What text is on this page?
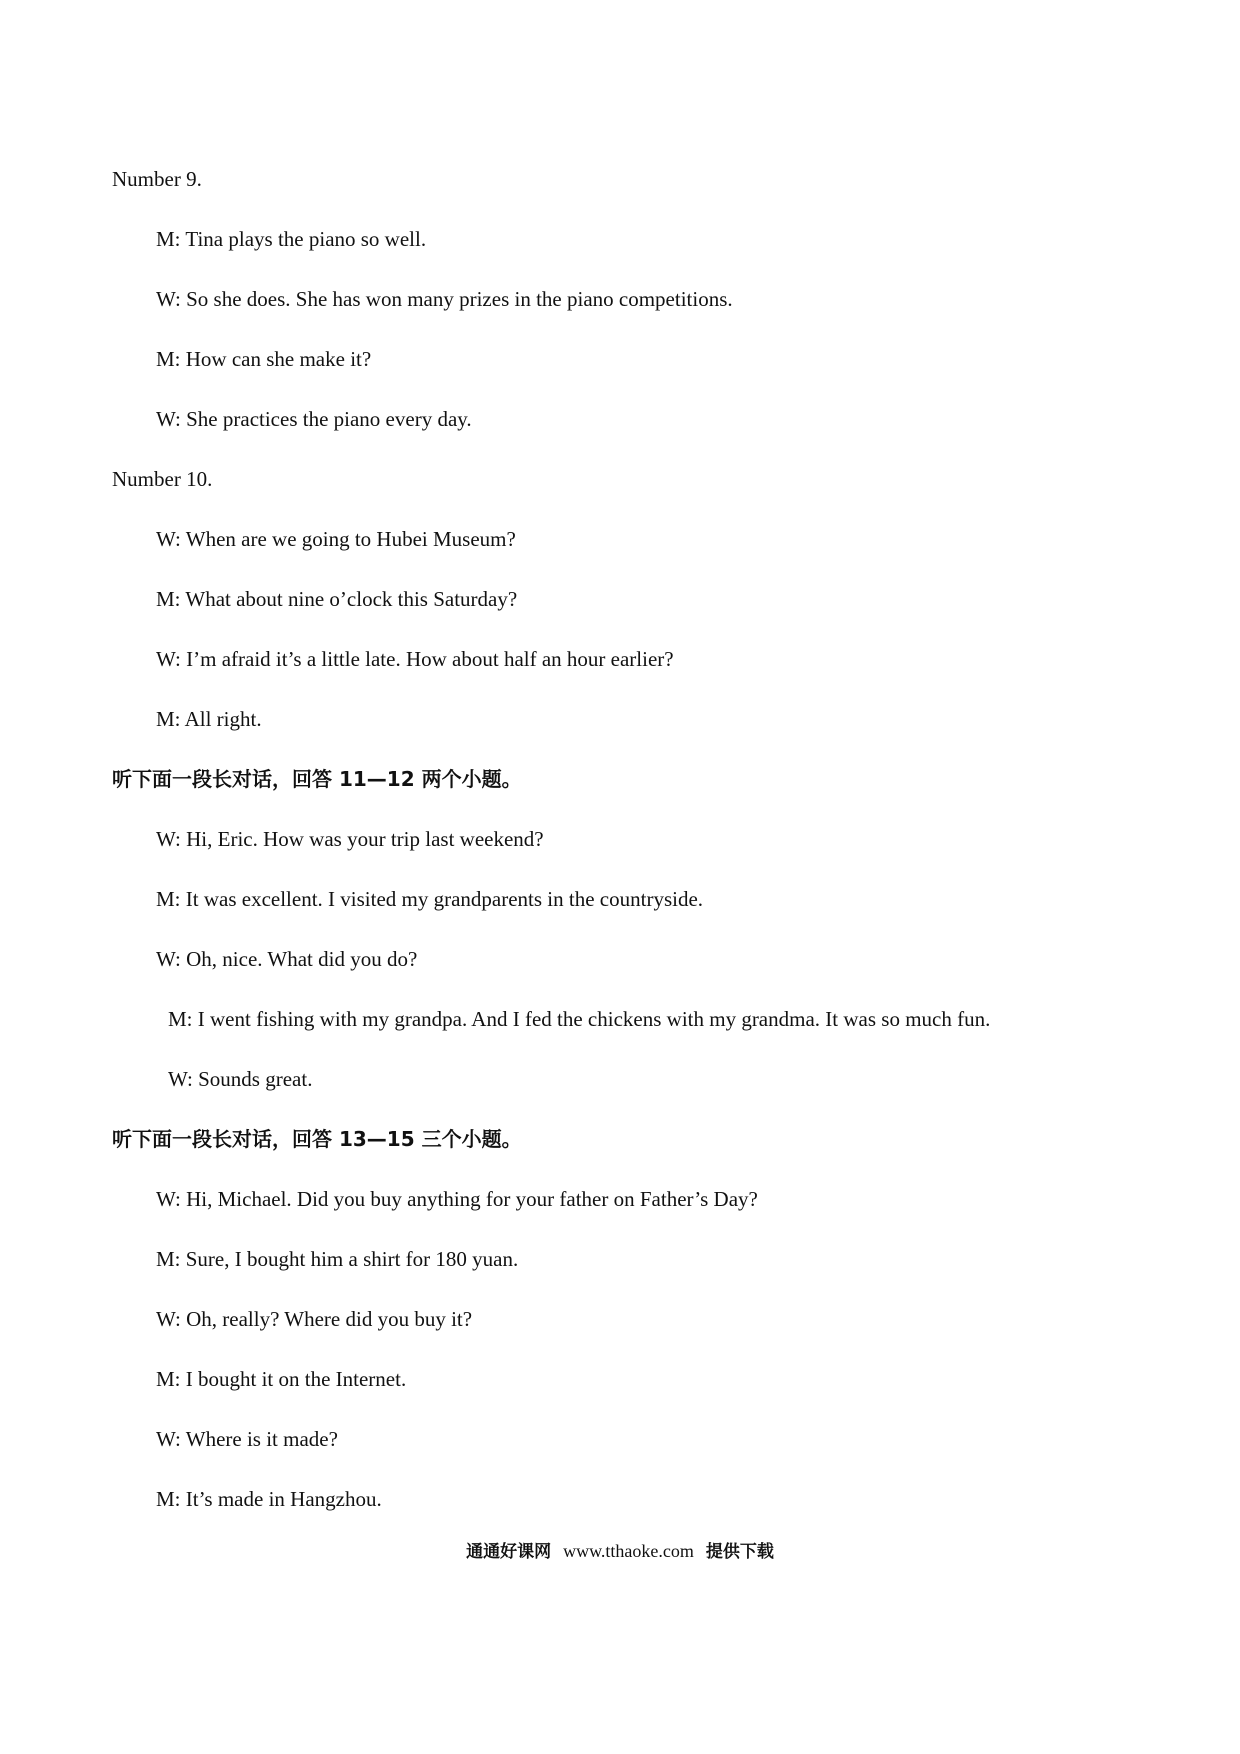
Number 9.
M: Tina plays the piano so well.
W: So she does. She has won many prizes in the piano competitions.
M: How can she make it?
W: She practices the piano every day.
Number 10.
W: When are we going to Hubei Museum?
M: What about nine o’clock this Saturday?
W: I’m afraid it’s a little late. How about half an hour earlier?
M: All right.
听下面一段长对话，回答 11—12 两个小题。
W: Hi, Eric. How was your trip last weekend?
M: It was excellent. I visited my grandparents in the countryside.
W: Oh, nice. What did you do?
M: I went fishing with my grandpa. And I fed the chickens with my grandma. It was so much fun.
W: Sounds great.
听下面一段长对话，回答 13—15 三个小题。
W: Hi, Michael. Did you buy anything for your father on Father’s Day?
M: Sure, I bought him a shirt for 180 yuan.
W: Oh, really? Where did you buy it?
M: I bought it on the Internet.
W: Where is it made?
M: It’s made in Hangzhou.
通通好课网 www.tthaoke.com 提供下载
